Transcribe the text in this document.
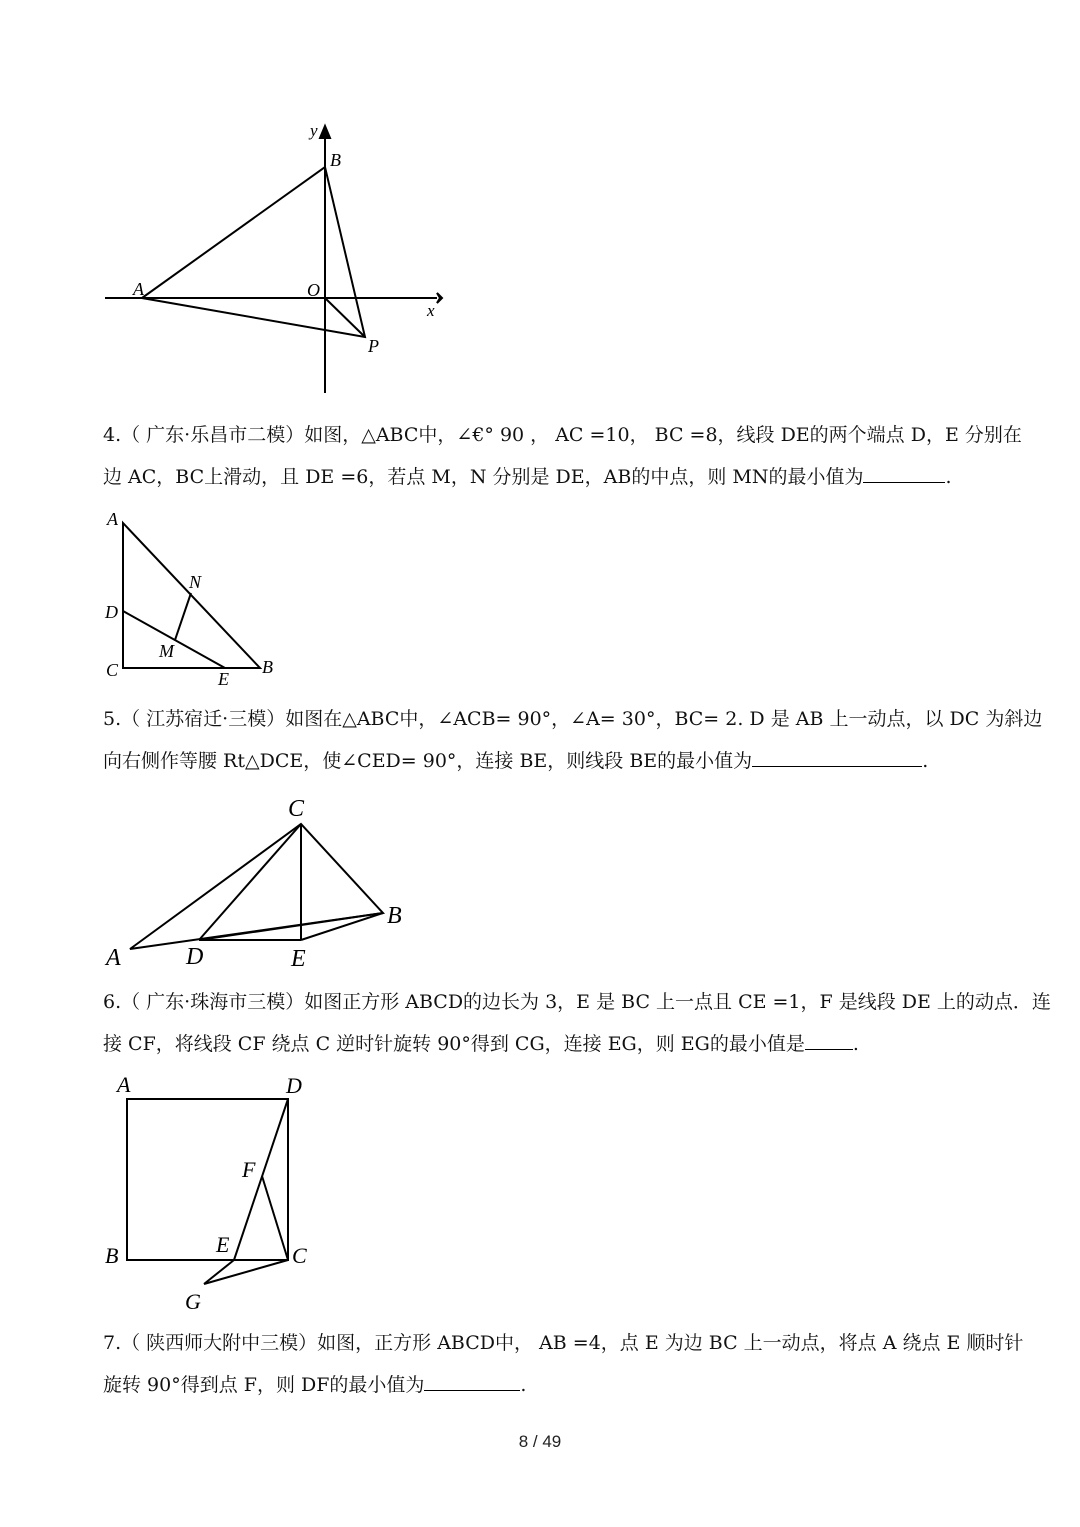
y
B
A	O
x
P

4.（ 广东·乐昌市二模）如图，△ABC中，∠€° 90 ， AC =10， BC =8，线段 DE的两个端点 D，E 分别在

边 AC，BC上滑动，且 DE =6，若点 M，N 分别是 DE，AB的中点，则 MN的最小值为	.

A
N
D
M
C	E
B

5.（ 江苏宿迁·三模）如图在△ABC中，∠ACB= 90°，∠A= 30°，BC= 2. D 是 AB 上一动点，以 DC 为斜边

向右侧作等腰 Rt△DCE，使∠CED= 90°，连接 BE，则线段 BE的最小值为	.

C
B
A	D	E

6.（ 广东·珠海市三模）如图正方形 ABCD的边长为 3，E 是 BC 上一点且 CE =1，F 是线段 DE 上的动点．连

接 CF，将线段 CF 绕点 C 逆时针旋转 90°得到 CG，连接 EG，则 EG的最小值是	.

A	D
F
B	E	C
G

7.（ 陕西师大附中三模）如图，正方形 ABCD中， AB =4，点 E 为边 BC 上一动点，将点 A 绕点 E 顺时针

旋转 90°得到点 F，则 DF的最小值为	.

8 / 49
